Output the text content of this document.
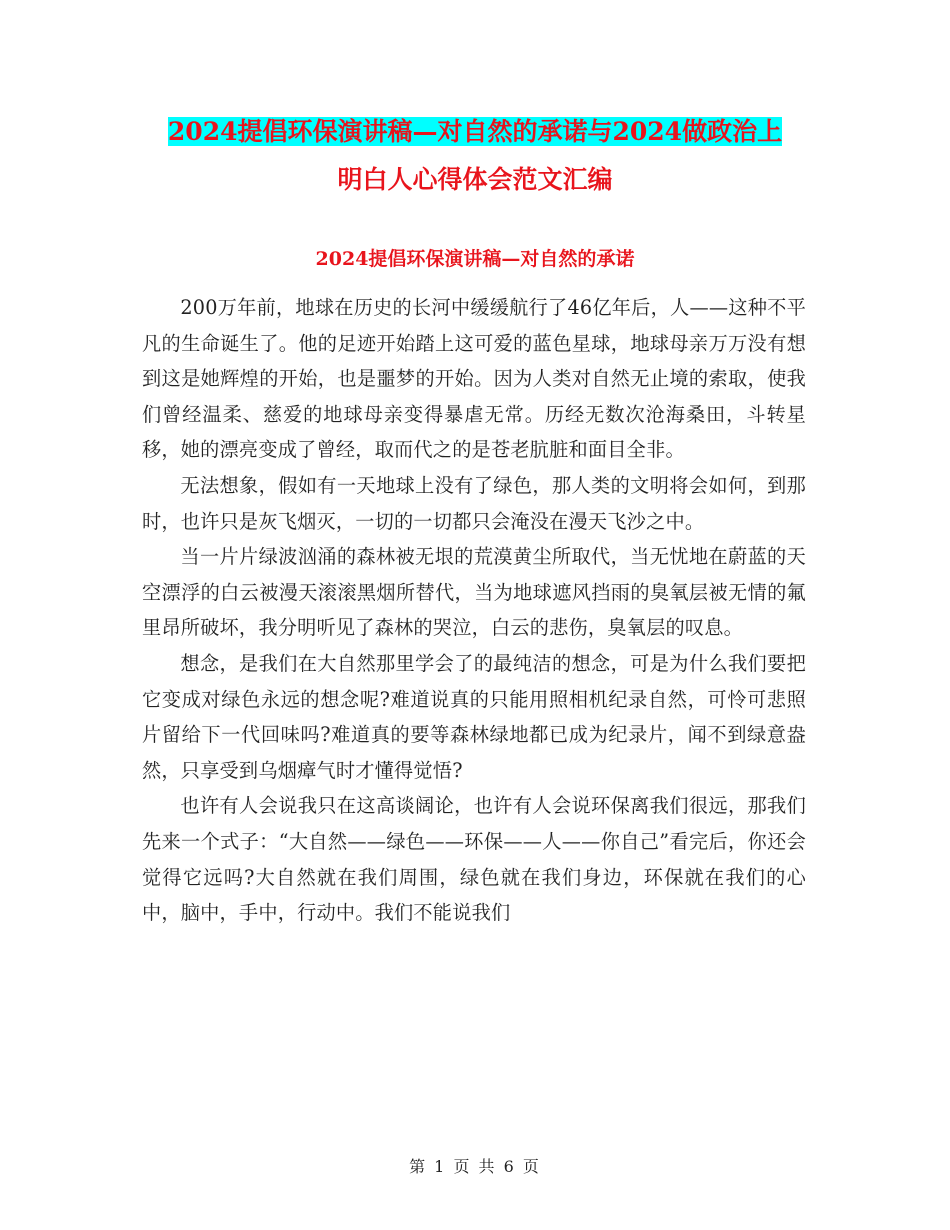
2024提倡环保演讲稿—对自然的承诺与2024做政治上
明白人心得体会范文汇编
2024提倡环保演讲稿—对自然的承诺

200万年前，地球在历史的长河中缓缓航行了46亿年后，人——这种不平凡的生命诞生了。他的足迹开始踏上这可爱的蓝色星球，地球母亲万万没有想到这是她辉煌的开始，也是噩梦的开始。因为人类对自然无止境的索取，使我们曾经温柔、慈爱的地球母亲变得暴虐无常。历经无数次沧海桑田，斗转星移，她的漂亮变成了曾经，取而代之的是苍老肮脏和面目全非。

无法想象，假如有一天地球上没有了绿色，那人类的文明将会如何，到那时，也许只是灰飞烟灭，一切的一切都只会淹没在漫天飞沙之中。

当一片片绿波汹涌的森林被无垠的荒漠黄尘所取代，当无忧地在蔚蓝的天空漂浮的白云被漫天滚滚黑烟所替代，当为地球遮风挡雨的臭氧层被无情的氟里昂所破坏，我分明听见了森林的哭泣，白云的悲伤，臭氧层的叹息。

想念，是我们在大自然那里学会了的最纯洁的想念，可是为什么我们要把它变成对绿色永远的想念呢?难道说真的只能用照相机纪录自然，可怜可悲照片留给下一代回味吗?难道真的要等森林绿地都已成为纪录片，闻不到绿意盎然，只享受到乌烟瘴气时才懂得觉悟?

也许有人会说我只在这高谈阔论，也许有人会说环保离我们很远，那我们先来一个式子：“大自然——绿色——环保——人——你自己”看完后，你还会觉得它远吗?大自然就在我们周围，绿色就在我们身边，环保就在我们的心中，脑中，手中，行动中。我们不能说我们

第 1 页 共 6 页
